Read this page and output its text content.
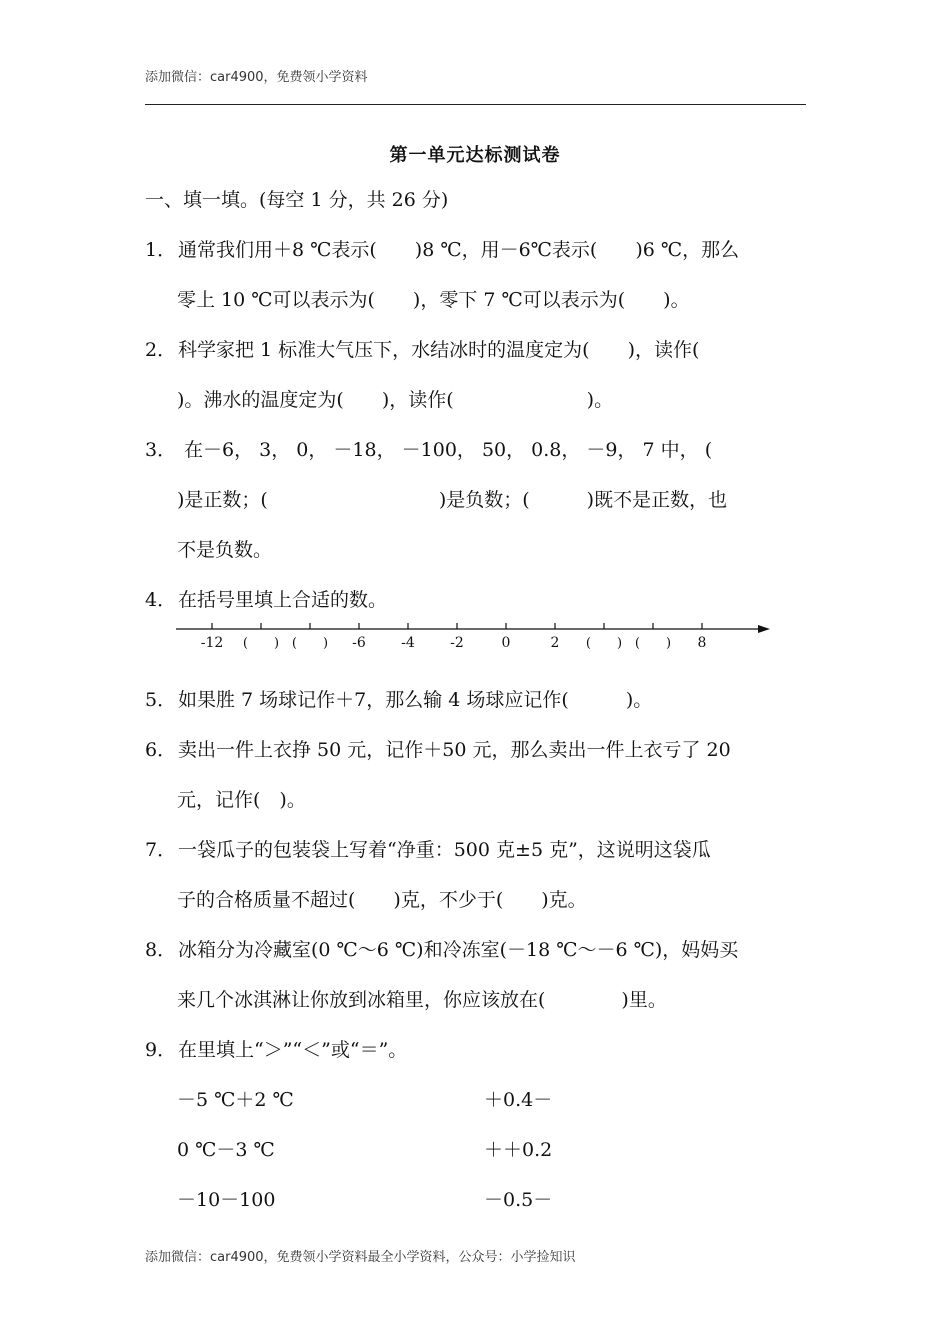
添加微信：car4900，免费领小学资料
第一单元达标测试卷
一、填一填。(每空 1 分，共 26 分)
1． 通常我们用＋8 ℃表示(　　)8 ℃，用－6℃表示(　　)6 ℃，那么
零上 10 ℃可以表示为(　　)，零下 7 ℃可以表示为(　　)。
2． 科学家把 1 标准大气压下，水结冰时的温度定为(　　)，读作(
)。沸水的温度定为(　　)，读作(　　　　　　　)。
3． 在－6， 3， 0， －18， －100， 50， 0.8， －9， 7 中， (
)是正数；(　　　　　　　　　)是负数；(　　　)既不是正数，也
不是负数。
4． 在括号里填上合适的数。
-12 (　　) (　　) -6	-4	-2	0	2 (　　) (　　) 8
5． 如果胜 7 场球记作＋7，那么输 4 场球应记作(　　　)。
6． 卖出一件上衣挣 50 元，记作＋50 元，那么卖出一件上衣亏了 20
元，记作(　)。
7． 一袋瓜子的包装袋上写着“净重：500 克±5 克”，这说明这袋瓜
子的合格质量不超过(　　)克，不少于(　　)克。
8． 冰箱分为冷藏室(0 ℃～6 ℃)和冷冻室(－18 ℃～－6 ℃)，妈妈买
来几个冰淇淋让你放到冰箱里，你应该放在(　　　　)里。
9． 在里填上“＞”“＜”或“＝”。
－5 ℃＋2 ℃	＋0.4－
0 ℃－3 ℃	＋＋0.2
－10－100	－0.5－
添加微信：car4900，免费领小学资料最全小学资料，公众号：小学捡知识
